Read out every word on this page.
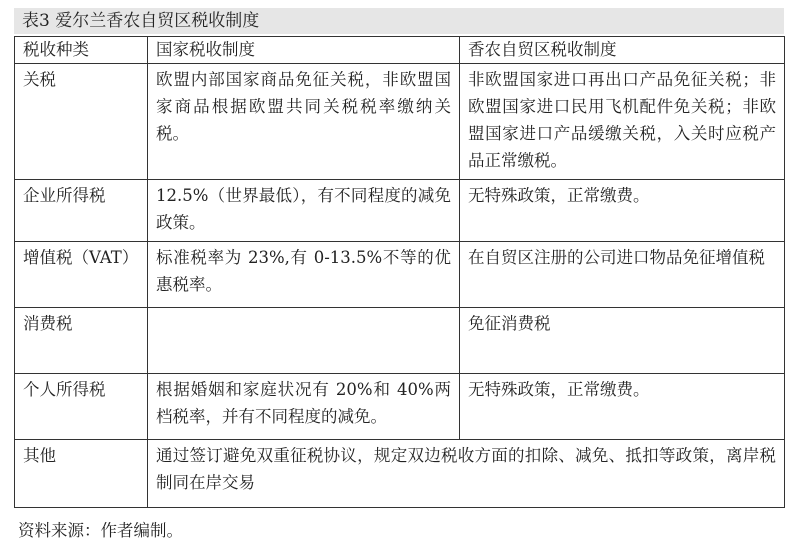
表3 爱尔兰香农自贸区税收制度
税收种类	国家税收制度	香农自贸区税收制度
关税	欧盟内部国家商品免征关税，非欧盟国家商品根据欧盟共同关税税率缴纳关税。	非欧盟国家进口再出口产品免征关税；非欧盟国家进口民用飞机配件免关税；非欧盟国家进口产品缓缴关税，入关时应税产品正常缴税。
企业所得税	12.5%（世界最低），有不同程度的减免政策。	无特殊政策，正常缴费。
增值税（VAT）	标准税率为 23%,有 0-13.5%不等的优惠税率。	在自贸区注册的公司进口物品免征增值税
消费税		免征消费税
个人所得税	根据婚姻和家庭状况有 20%和 40%两档税率，并有不同程度的减免。	无特殊政策，正常缴费。
其他	通过签订避免双重征税协议，规定双边税收方面的扣除、减免、抵扣等政策，离岸税制同在岸交易	
资料来源：作者编制。
